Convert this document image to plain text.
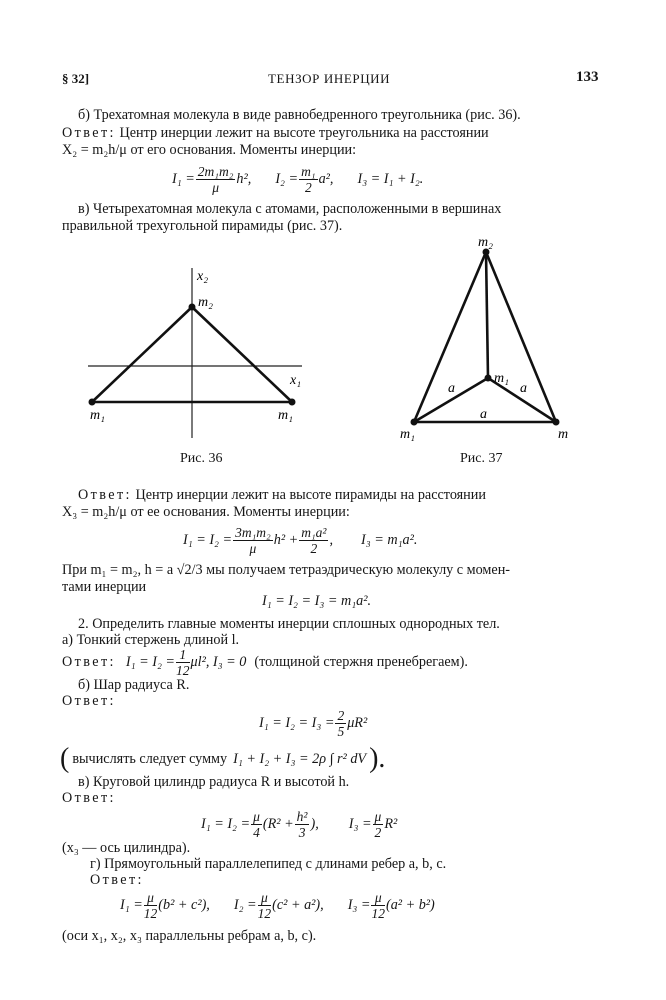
§ 32]	ТЕНЗОР ИНЕРЦИИ	133
б) Трехатомная молекула в виде равнобедренного треугольника (рис. 36).
Ответ: Центр инерции лежит на высоте треугольника на расстоянии
X₂ = m₂h/μ от его основания. Моменты инерции:
$I_1 = \frac{\text{2m₁m₂}}{\mu} h^2$, $I_2 = \frac{\text{m₁}}{2} a^2$, I₃ = I₁ + I₂.
в) Четырехатомная молекула с атомами, расположенными в вершинах
правильной трехугольной пирамиды (рис. 37).
x₂
m₂
x₁
m₁	m₁
Рис. 36
m₂
m₁
a	a
a
m₁	m
Рис. 37
Ответ: Центр инерции лежит на высоте пирамиды на расстоянии
X₃ = m₂h/μ от ее основания. Моменты инерции:
$I_1 = I_2 = \frac{\text{3m₁m₂}}{\mu} h^2 + \frac{\text{m₁a²}}{2}$ , I₃ = m₁a².
При m₁ = m₂, h = a √2/3 мы получаем тетраэдрическую молекулу с момен-
тами инерции
I₁ = I₂ = I₃ = m₁a².
2. Определить главные моменты инерции сплошных однородных тел.
а) Тонкий стержень длиной l.
Ответ: $I_1 = I_2 = \frac{1}{12} \mu l^2$, I₃ = 0 (толщиной стержня пренебрегаем).
б) Шар радиуса R.
Ответ:
$I_1 = I_2 = I_3 = \frac{2}{5} \mu R^2$
( вычислять следует сумму I₁ + I₂ + I₃ = 2ρ ∫ r² dV ).
в) Круговой цилиндр радиуса R и высотой h.
Ответ:
$I_1 = I_2 = \frac{\mu}{4} (R^2 + \frac{\text{h²}}{3}$ ), $I_3 = \frac{\mu}{2} R^2$
(x₃ — ось цилиндра).
г) Прямоугольный параллелепипед с длинами ребер a, b, c.
Ответ:
$I_1 = \frac{\mu}{12} (b^2 + c^2)$, $I_2 = \frac{\mu}{12} (c^2 + a^2)$, $I_3 = \frac{\mu}{12} (a^2 + b^2)$
(оси x₁, x₂, x₃ параллельны ребрам a, b, c).
